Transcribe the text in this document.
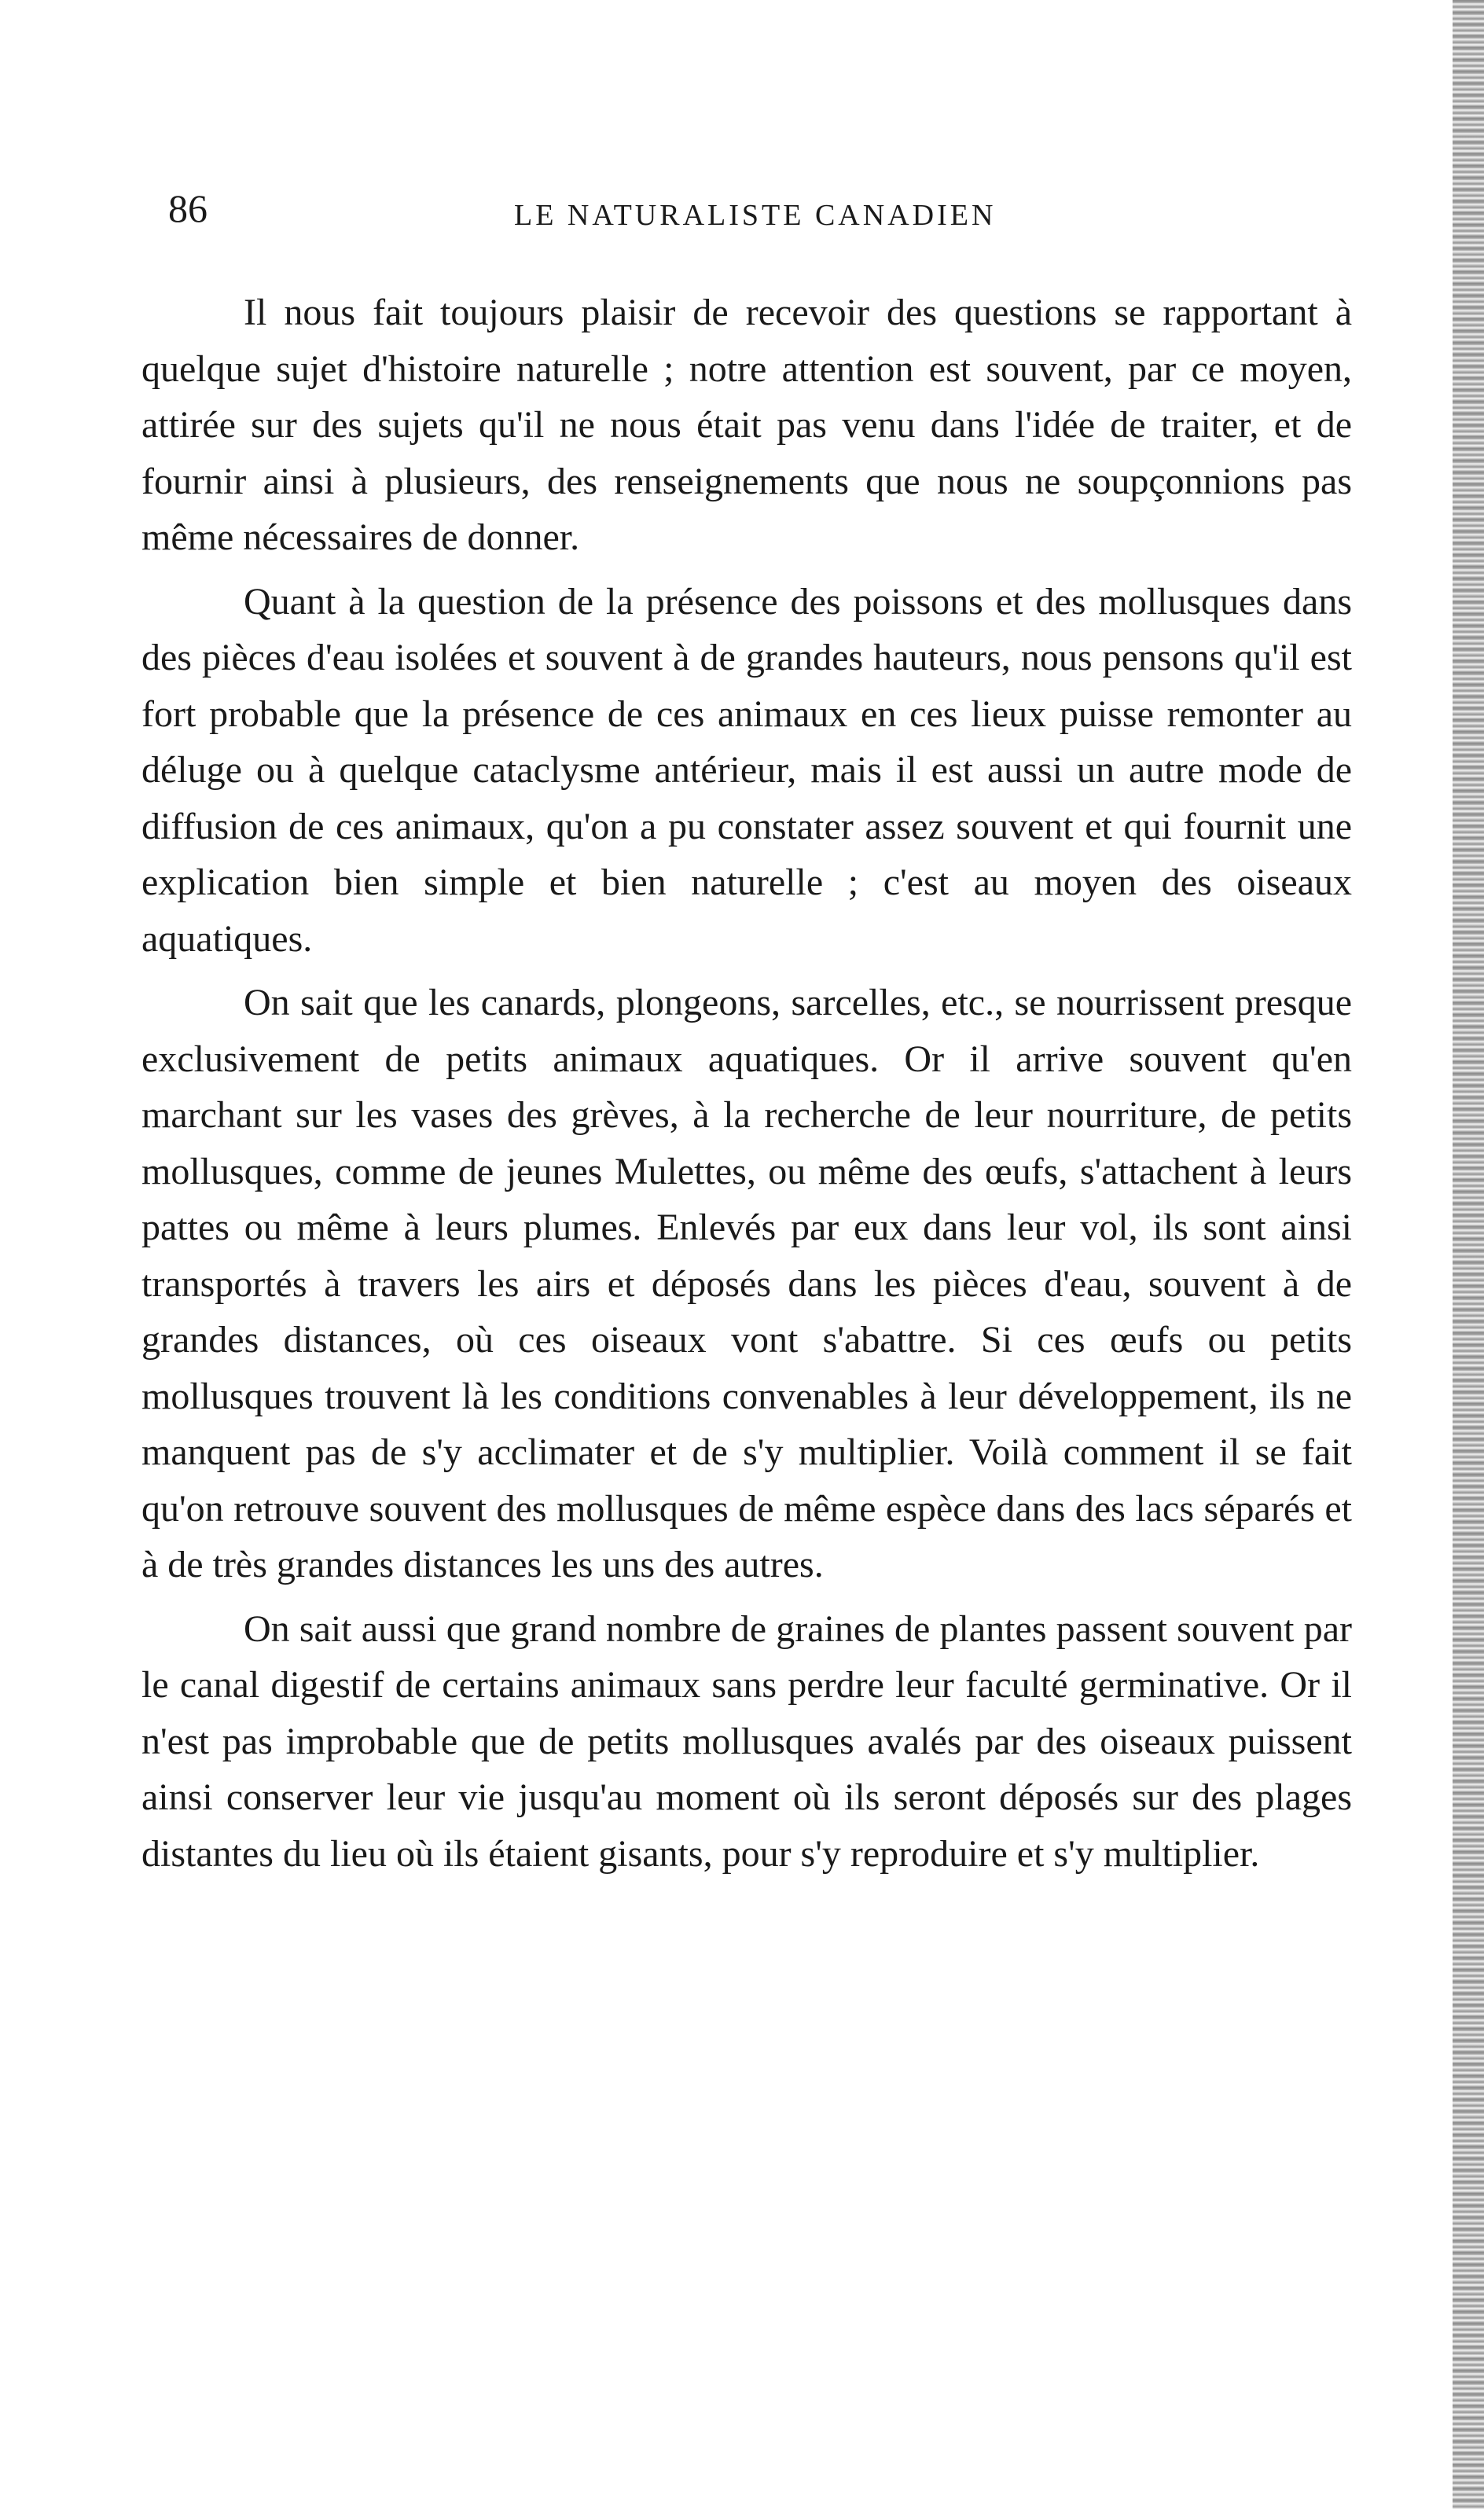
86	LE NATURALISTE CANADIEN

Il nous fait toujours plaisir de recevoir des questions se rapportant à quelque sujet d'histoire naturelle ; notre attention est souvent, par ce moyen, attirée sur des sujets qu'il ne nous était pas venu dans l'idée de traiter, et de fournir ainsi à plusieurs, des renseignements que nous ne soupçonnions pas même nécessaires de donner.

Quant à la question de la présence des poissons et des mollusques dans des pièces d'eau isolées et souvent à de grandes hauteurs, nous pensons qu'il est fort probable que la présence de ces animaux en ces lieux puisse remonter au déluge ou à quelque cataclysme antérieur, mais il est aussi un autre mode de diffusion de ces animaux, qu'on a pu constater assez souvent et qui fournit une explication bien simple et bien naturelle ; c'est au moyen des oiseaux aquatiques.

On sait que les canards, plongeons, sarcelles, etc., se nourrissent presque exclusivement de petits animaux aquatiques. Or il arrive souvent qu'en marchant sur les vases des grèves, à la recherche de leur nourriture, de petits mollusques, comme de jeunes Mulettes, ou même des œufs, s'attachent à leurs pattes ou même à leurs plumes. Enlevés par eux dans leur vol, ils sont ainsi transportés à travers les airs et déposés dans les pièces d'eau, souvent à de grandes distances, où ces oiseaux vont s'abattre. Si ces œufs ou petits mollusques trouvent là les conditions convenables à leur développement, ils ne manquent pas de s'y acclimater et de s'y multiplier. Voilà comment il se fait qu'on retrouve souvent des mollusques de même espèce dans des lacs séparés et à de très grandes distances les uns des autres.

On sait aussi que grand nombre de graines de plantes passent souvent par le canal digestif de certains animaux sans perdre leur faculté germinative. Or il n'est pas improbable que de petits mollusques avalés par des oiseaux puissent ainsi conserver leur vie jusqu'au moment où ils seront déposés sur des plages distantes du lieu où ils étaient gisants, pour s'y reproduire et s'y multiplier.
